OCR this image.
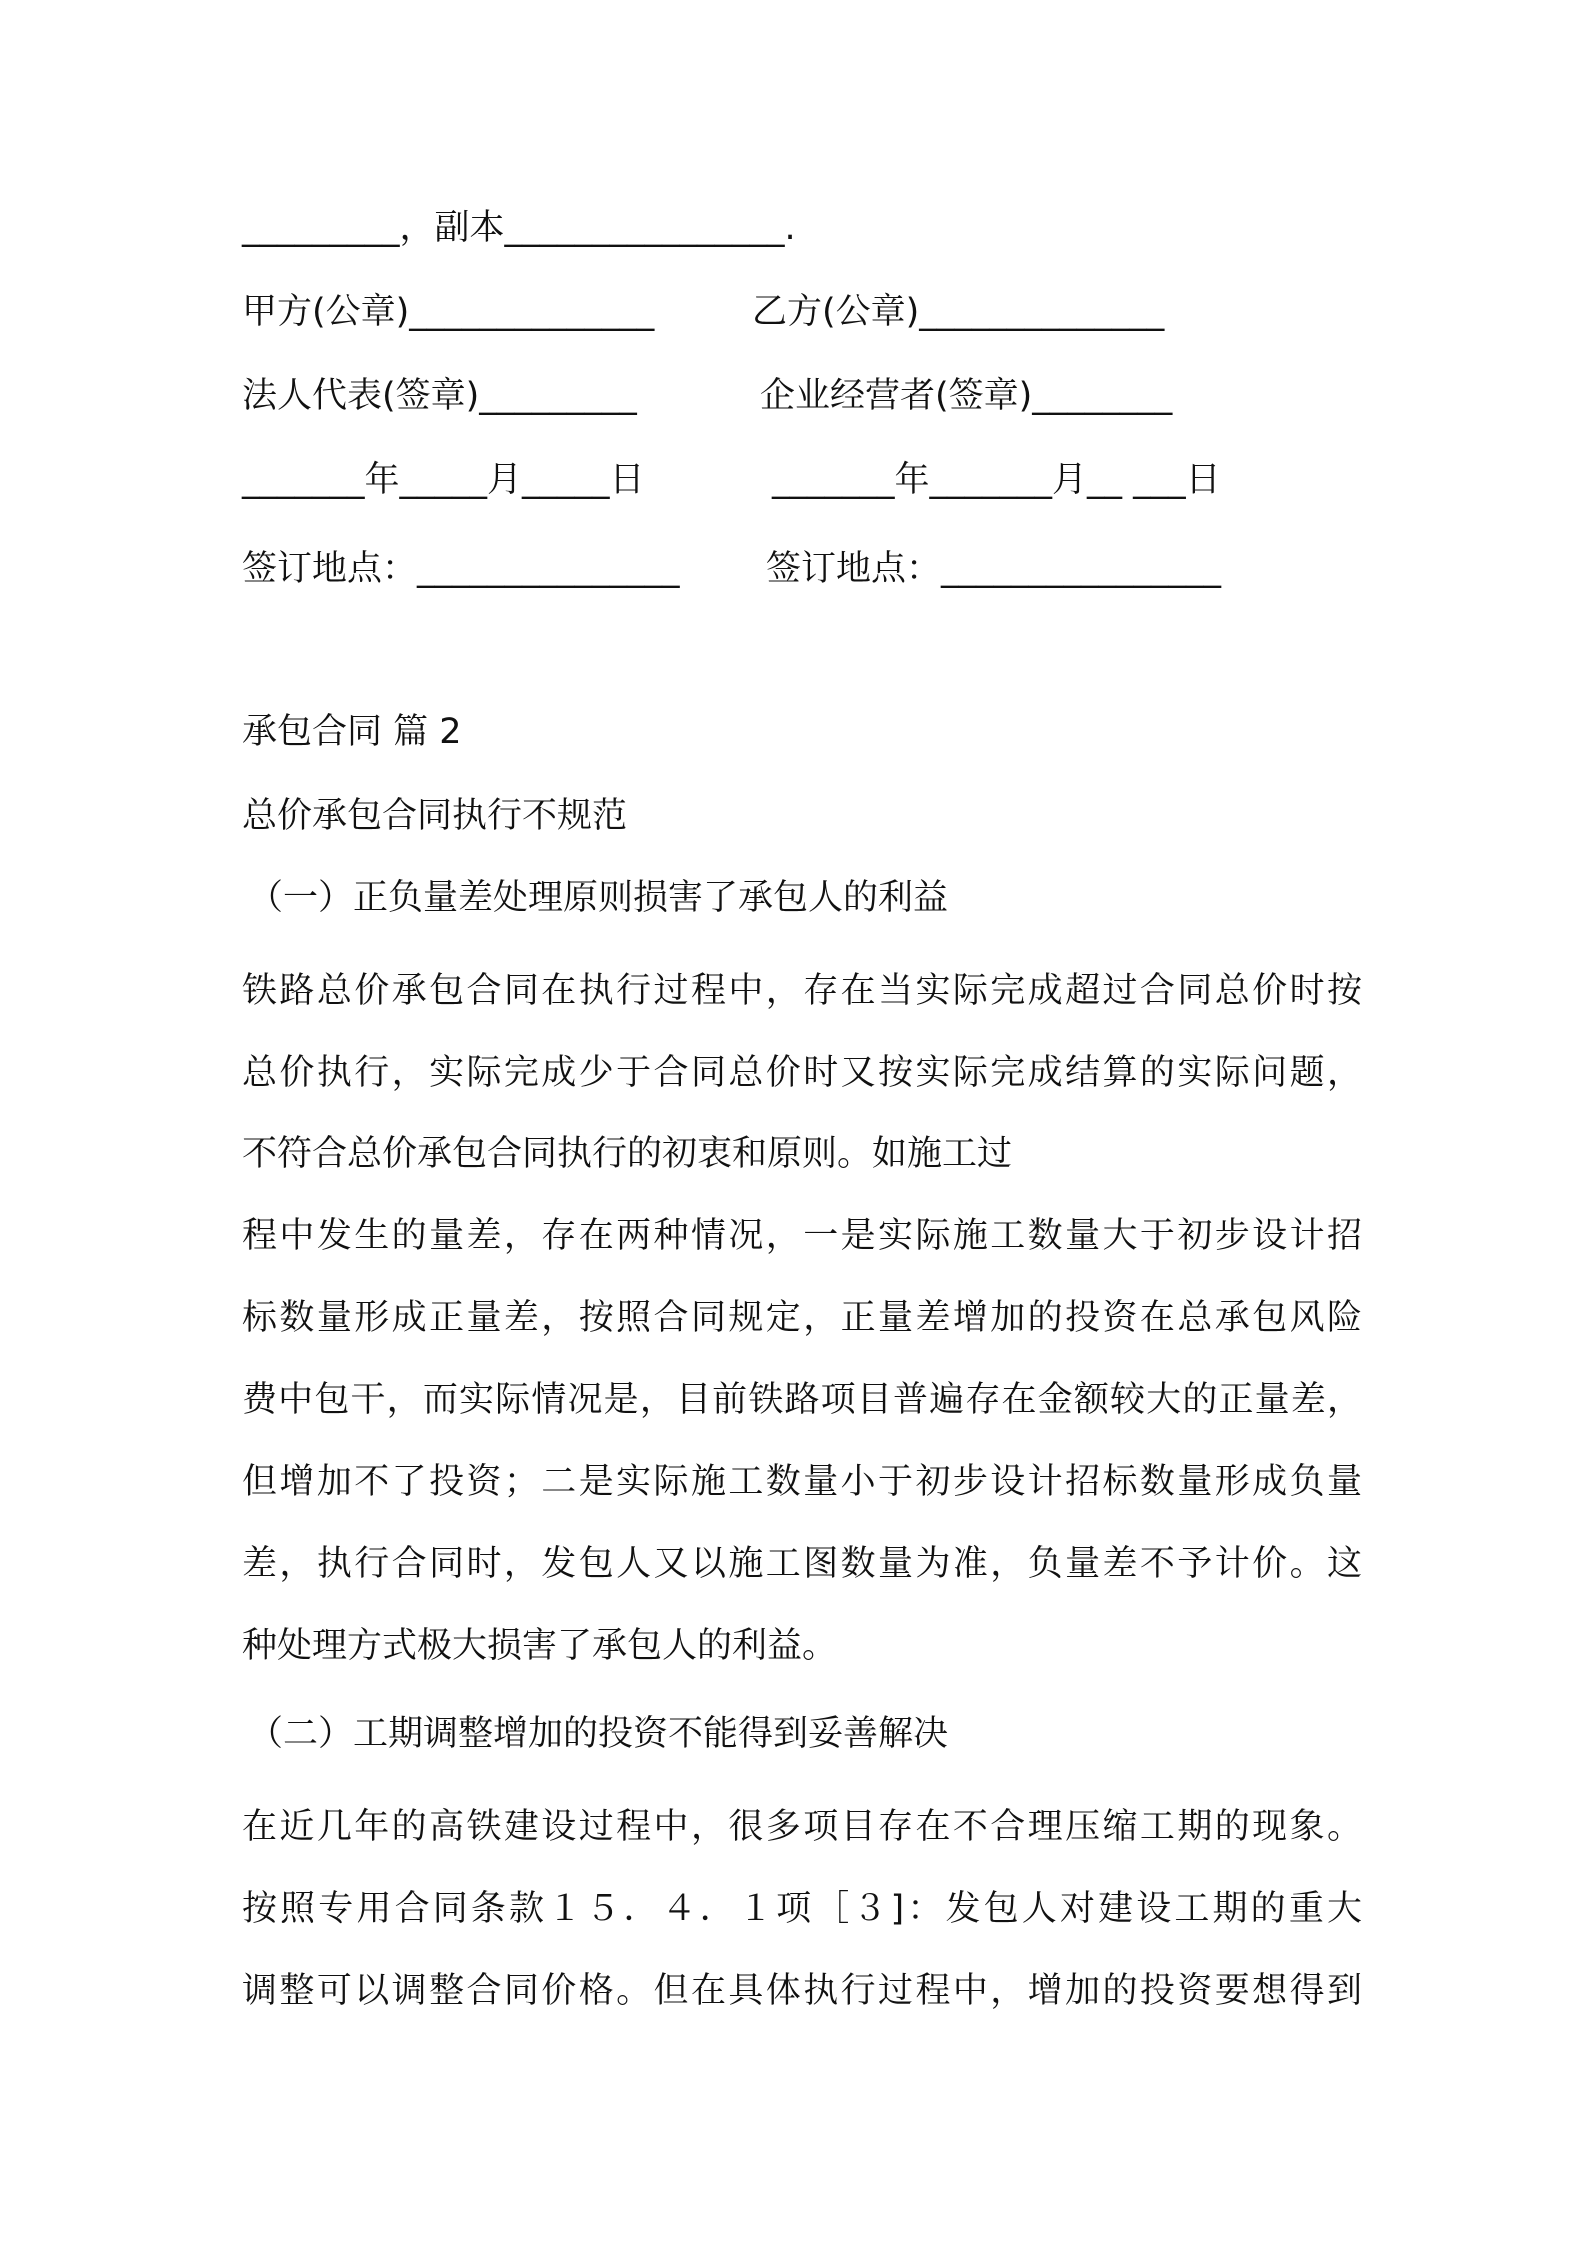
_________，副本________________.
甲方(公章)______________	乙方(公章)______________
法人代表(签章)_________	企业经营者(签章)________
_______年_____月_____日	_______年_______月__ ___日
签订地点：_______________ 签订地点：________________
承包合同 篇 2
总价承包合同执行不规范
（一）正负量差处理原则损害了承包人的利益
铁路总价承包合同在执行过程中，存在当实际完成超过合同总价时按
总价执行，实际完成少于合同总价时又按实际完成结算的实际问题，
不符合总价承包合同执行的初衷和原则。如施工过
程中发生的量差，存在两种情况，一是实际施工数量大于初步设计招
标数量形成正量差，按照合同规定，正量差增加的投资在总承包风险
费中包干，而实际情况是，目前铁路项目普遍存在金额较大的正量差，
但增加不了投资；二是实际施工数量小于初步设计招标数量形成负量
差，执行合同时，发包人又以施工图数量为准，负量差不予计价。这
种处理方式极大损害了承包人的利益。
（二）工期调整增加的投资不能得到妥善解决
在近几年的高铁建设过程中，很多项目存在不合理压缩工期的现象。
按照专用合同条款１５．４．１项［３]：发包人对建设工期的重大
调整可以调整合同价格。但在具体执行过程中，增加的投资要想得到
